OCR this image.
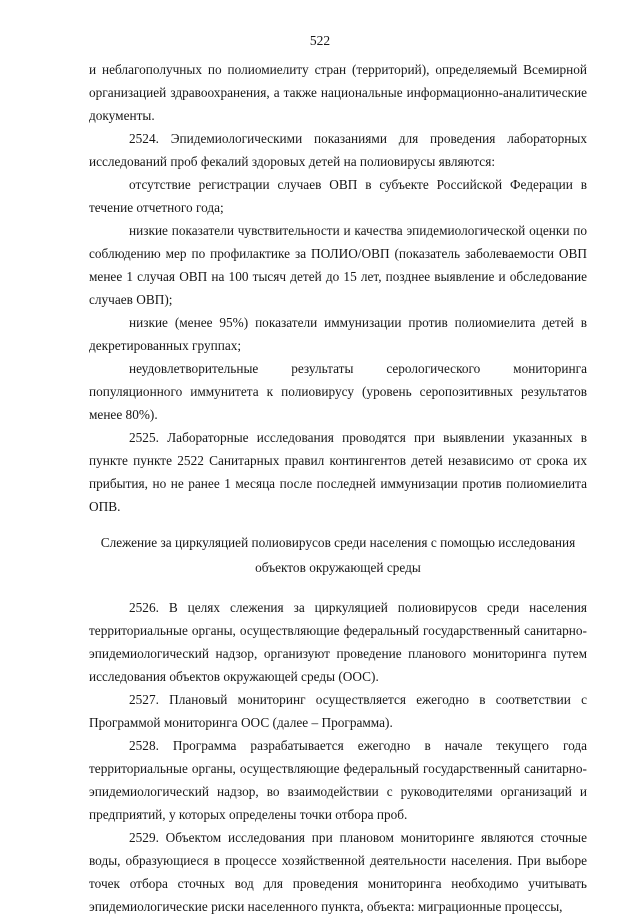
522

и неблагополучных по полиомиелиту стран (территорий), определяемый Всемирной организацией здравоохранения, а также национальные информационно-аналитические документы.

2524. Эпидемиологическими показаниями для проведения лабораторных исследований проб фекалий здоровых детей на полиовирусы являются:

отсутствие регистрации случаев ОВП в субъекте Российской Федерации в течение отчетного года;

низкие показатели чувствительности и качества эпидемиологической оценки по соблюдению мер по профилактике за ПОЛИО/ОВП (показатель заболеваемости ОВП менее 1 случая ОВП на 100 тысяч детей до 15 лет, позднее выявление и обследование случаев ОВП);

низкие (менее 95%) показатели иммунизации против полиомиелита детей в декретированных группах;

неудовлетворительные результаты серологического мониторинга популяционного иммунитета к полиовирусу (уровень серопозитивных результатов менее 80%).

2525. Лабораторные исследования проводятся при выявлении указанных в пункте пункте 2522 Санитарных правил контингентов детей независимо от срока их прибытия, но не ранее 1 месяца после последней иммунизации против полиомиелита ОПВ.

Слежение за циркуляцией полиовирусов среди населения с помощью исследования
объектов окружающей среды

2526. В целях слежения за циркуляцией полиовирусов среди населения территориальные органы, осуществляющие федеральный государственный санитарно-эпидемиологический надзор, организуют проведение планового мониторинга путем исследования объектов окружающей среды (ООС).

2527. Плановый мониторинг осуществляется ежегодно в соответствии с Программой мониторинга ООС (далее – Программа).

2528. Программа разрабатывается ежегодно в начале текущего года территориальные органы, осуществляющие федеральный государственный санитарно-эпидемиологический надзор, во взаимодействии с руководителями организаций и предприятий, у которых определены точки отбора проб.

2529. Объектом исследования при плановом мониторинге являются сточные воды, образующиеся в процессе хозяйственной деятельности населения. При выборе точек отбора сточных вод для проведения мониторинга необходимо учитывать эпидемиологические риски населенного пункта, объекта: миграционные процессы,
